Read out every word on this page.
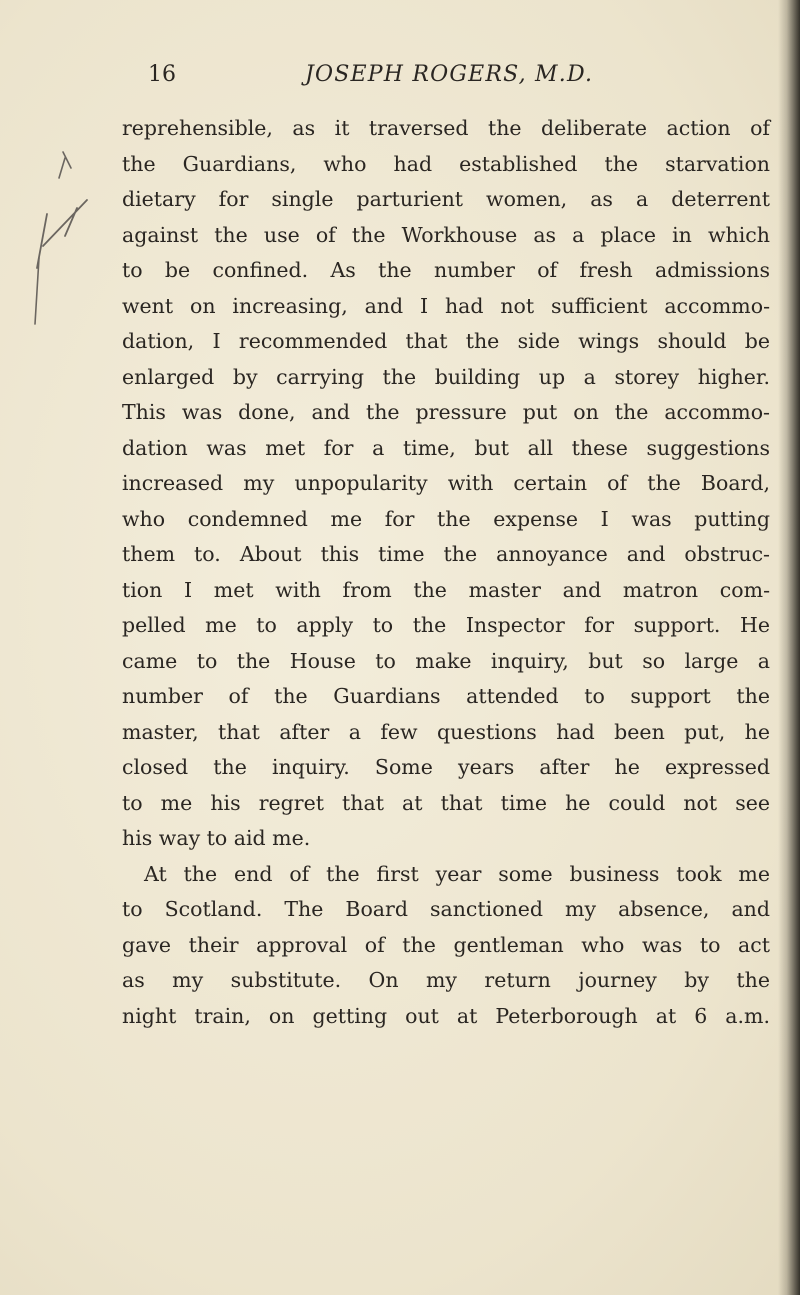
16	JOSEPH ROGERS, M.D.
reprehensible, as it traversed the deliberate action of
the Guardians, who had established the starvation
dietary for single parturient women, as a deterrent
against the use of the Workhouse as a place in which
to be confined. As the number of fresh admissions
went on increasing, and I had not sufficient accommo-
dation, I recommended that the side wings should be
enlarged by carrying the building up a storey higher.
This was done, and the pressure put on the accommo-
dation was met for a time, but all these suggestions
increased my unpopularity with certain of the Board,
who condemned me for the expense I was putting
them to. About this time the annoyance and obstruc-
tion I met with from the master and matron com-
pelled me to apply to the Inspector for support. He
came to the House to make inquiry, but so large a
number of the Guardians attended to support the
master, that after a few questions had been put, he
closed the inquiry. Some years after he expressed
to me his regret that at that time he could not see
his way to aid me.
At the end of the first year some business took me
to Scotland. The Board sanctioned my absence, and
gave their approval of the gentleman who was to act
as my substitute. On my return journey by the
night train, on getting out at Peterborough at 6 a.m.
